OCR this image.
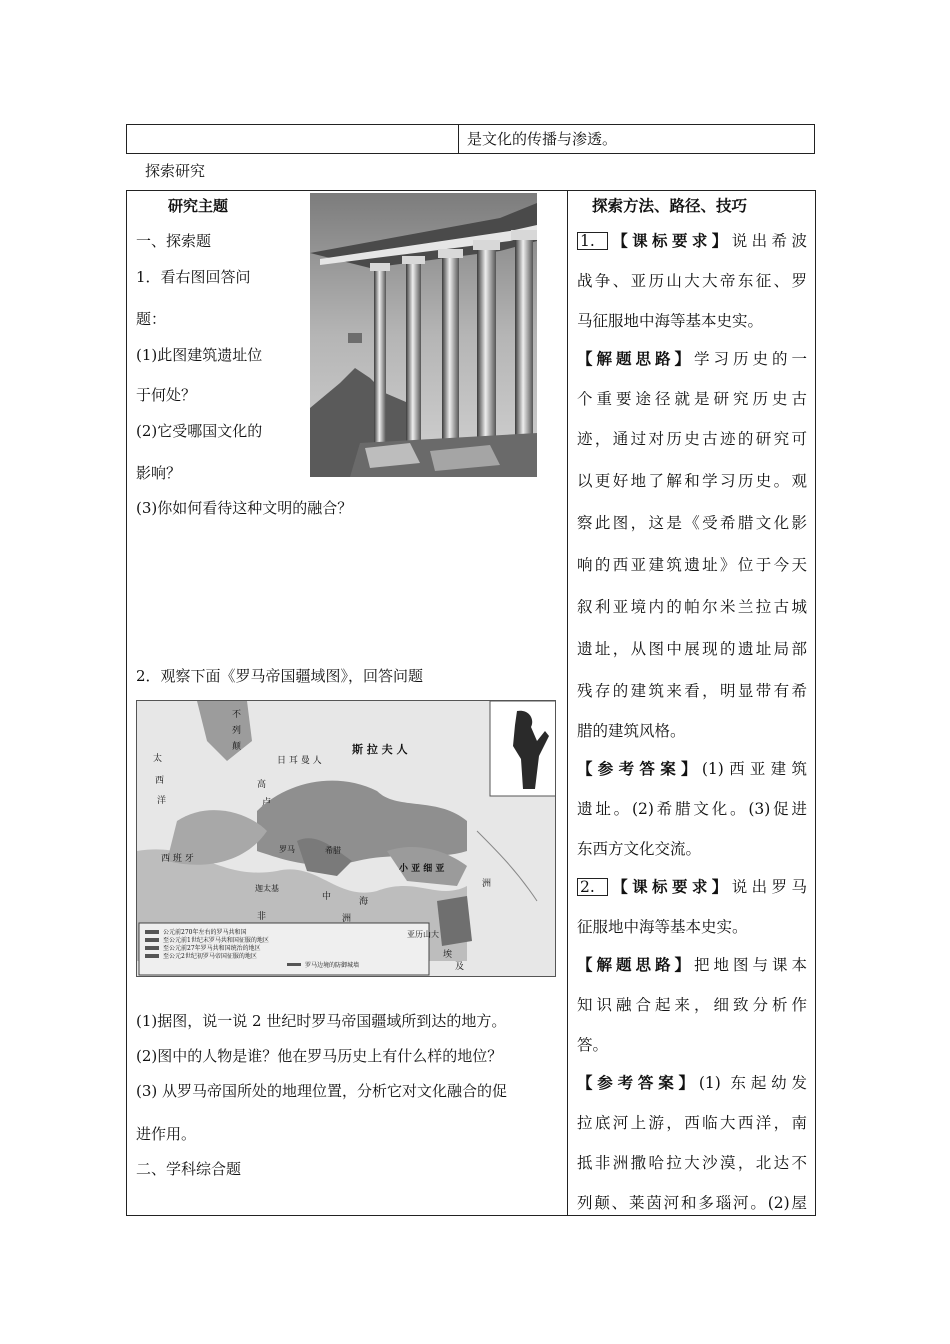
是文化的传播与渗透。
探索研究
研究主题
一、探索题
1．看右图回答问
题：
(1)此图建筑遗址位
于何处？
(2)它受哪国文化的
影响？
(3)你如何看待这种文明的融合？
2．观察下面《罗马帝国疆域图》，回答问题
(1)据图，说一说 2 世纪时罗马帝国疆域所到达的地方。
(2)图中的人物是谁？他在罗马历史上有什么样的地位？
(3) 从罗马帝国所处的地理位置，分析它对文化融合的促
进作用。
二、学科综合题
斯 拉 夫 人
日 耳 曼 人
太
西
洋
不
列
颠
高
卢
西 班 牙
罗马	希腊
小 亚 细 亚
迦太基
非	洲
中	海
亚历山大
洲
埃
及
公元前270年左右的罗马共和国
至公元前1世纪末罗马共和国征服的地区
至公元前27年罗马共和国统治的地区
至公元2世纪初罗马帝国征服的地区
罗马边境的防御城墙
探索方法、路径、技巧
1. 【课标要求】说出希波
战争、亚历山大大帝东征、罗
马征服地中海等基本史实。
【解题思路】学习历史的一
个重要途径就是研究历史古
迹，通过对历史古迹的研究可
以更好地了解和学习历史。观
察此图，这是《受希腊文化影
响的西亚建筑遗址》位于今天
叙利亚境内的帕尔米兰拉古城
遗址，从图中展现的遗址局部
残存的建筑来看，明显带有希
腊的建筑风格。
【参考答案】(1)西亚建筑
遗址。(2)希腊文化。(3)促进
东西方文化交流。
2. 【课标要求】说出罗马
征服地中海等基本史实。
【解题思路】把地图与课本
知识融合起来，细致分析作
答。
【参考答案】(1) 东起幼发
拉底河上游，西临大西洋，南
抵非洲撒哈拉大沙漠，北达不
列颠、莱茵河和多瑙河。(2)屋
